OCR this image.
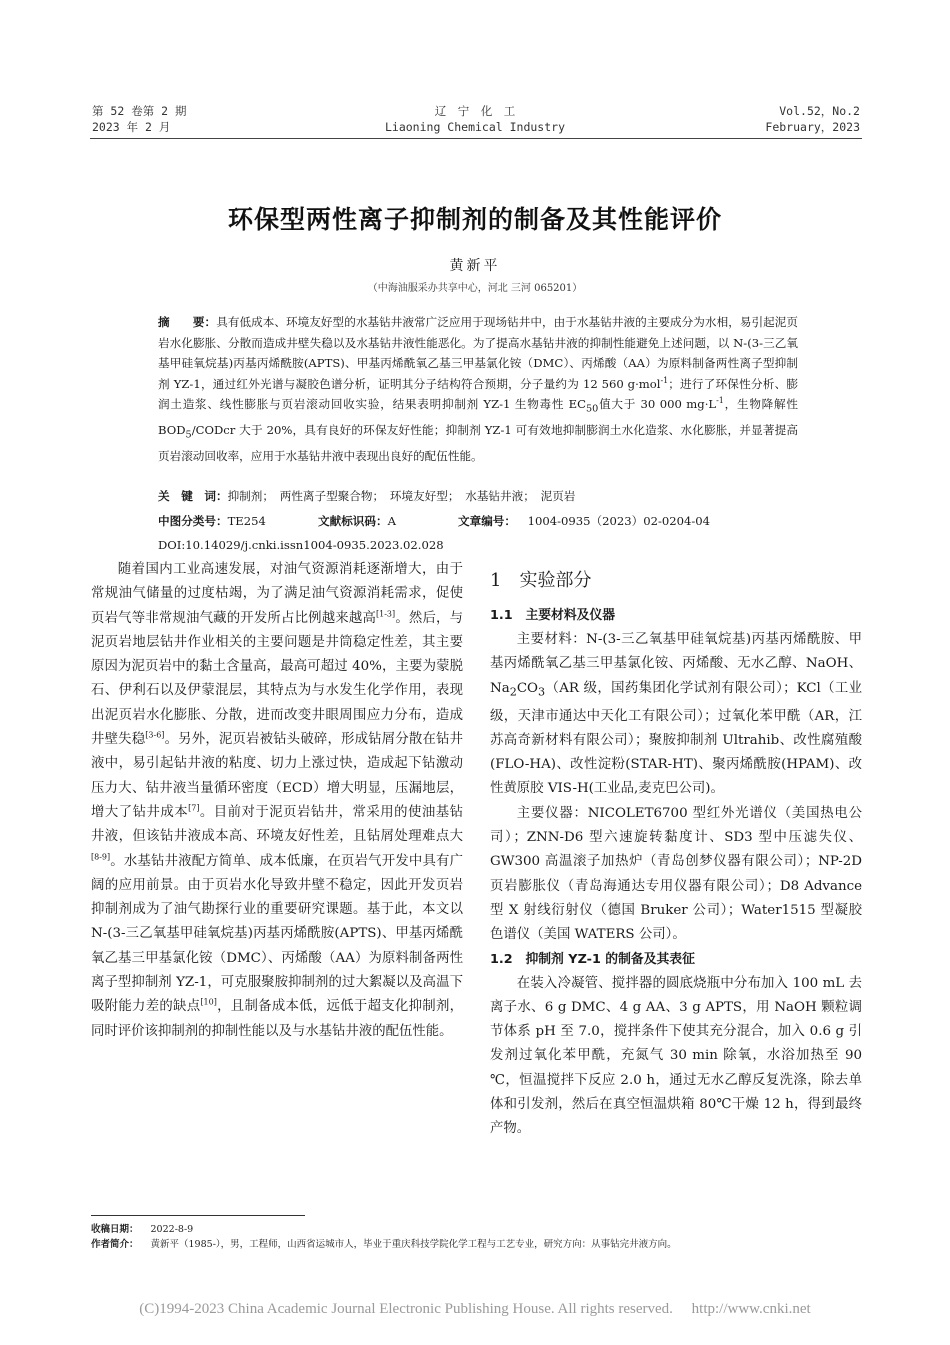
第 52 卷第 2 期
2023 年 2 月
辽　宁　化　工
Liaoning Chemical Industry
Vol.52，No.2
February，2023
环保型两性离子抑制剂的制备及其性能评价
黄新平
（中海油服采办共享中心，河北 三河 065201）
摘　　要：具有低成本、环境友好型的水基钻井液常广泛应用于现场钻井中，由于水基钻井液的主要成分为水相，易引起泥页岩水化膨胀、分散而造成井壁失稳以及水基钻井液性能恶化。为了提高水基钻井液的抑制性能避免上述问题，以 N-(3-三乙氧基甲硅氧烷基)丙基丙烯酰胺(APTS)、甲基丙烯酰氧乙基三甲基氯化铵（DMC）、丙烯酸（AA）为原料制备两性离子型抑制剂 YZ-1，通过红外光谱与凝胶色谱分析，证明其分子结构符合预期，分子量约为 12 560 g·mol$^{-1}$；进行了环保性分析、膨润土造浆、线性膨胀与页岩滚动回收实验，结果表明抑制剂 YZ-1 生物毒性 $EC_{50}$值大于 30 000 $mg\cdot L^{-1}$，生物降解性 $BOD_5$/CODcr 大于 20%，具有良好的环保友好性能；抑制剂 YZ-1 可有效地抑制膨润土水化造浆、水化膨胀，并显著提高页岩滚动回收率，应用于水基钻井液中表现出良好的配伍性能。
关　键　词：抑制剂；　两性离子型聚合物；　环境友好型；　水基钻井液；　泥页岩
中图分类号：TE254	文献标识码：A	文章编号：　 1004-0935（2023）02-0204-04
DOI:10.14029/j.cnki.issn1004-0935.2023.02.028

随着国内工业高速发展，对油气资源消耗逐渐增大，由于常规油气储量的过度枯竭，为了满足油气资源消耗需求，促使页岩气等非常规油气藏的开发所占比例越来越高[1-3]。然后，与泥页岩地层钻井作业相关的主要问题是井筒稳定性差，其主要原因为泥页岩中的黏土含量高，最高可超过 40%，主要为蒙脱石、伊利石以及伊蒙混层，其特点为与水发生化学作用，表现出泥页岩水化膨胀、分散，进而改变井眼周围应力分布，造成井壁失稳[3-6]。另外，泥页岩被钻头破碎，形成钻屑分散在钻井液中，易引起钻井液的粘度、切力上涨过快，造成起下钻激动压力大、钻井液当量循环密度（ECD）增大明显，压漏地层，增大了钻井成本[7]。目前对于泥页岩钻井，常采用的使油基钻井液，但该钻井液成本高、环境友好性差，且钻屑处理难点大[8-9]。水基钻井液配方简单、成本低廉，在页岩气开发中具有广阔的应用前景。由于页岩水化导致井壁不稳定，因此开发页岩抑制剂成为了油气勘探行业的重要研究课题。基于此，本文以 N-(3-三乙氧基甲硅氧烷基)丙基丙烯酰胺(APTS)、甲基丙烯酰氧乙基三甲基氯化铵（DMC）、丙烯酸（AA）为原料制备两性离子型抑制剂 YZ-1，可克服聚胺抑制剂的过大絮凝以及高温下吸附能力差的缺点[10]，且制备成本低，远低于超支化抑制剂，同时评价该抑制剂的抑制性能以及与水基钻井液的配伍性能。

1　实验部分
1.1　主要材料及仪器

主要材料：N-(3-三乙氧基甲硅氧烷基)丙基丙烯酰胺、甲基丙烯酰氧乙基三甲基氯化铵、丙烯酸、无水乙醇、NaOH、$Na_2CO_3(AR$ 级，国药集团化学试剂有限公司）；KCl（工业级，天津市通达中天化工有限公司）；过氧化苯甲酰（AR，江苏高奇新材料有限公司）；聚胺抑制剂 Ultrahib、改性腐殖酸(FLO-HA)、改性淀粉(STAR-HT)、聚丙烯酰胺(HPAM)、改性黄原胶 VIS-H(工业品,麦克巴公司)。

主要仪器：NICOLET6700 型红外光谱仪（美国热电公司）；ZNN-D6 型六速旋转黏度计、SD3 型中压滤失仪、GW300 高温滚子加热炉（青岛创梦仪器有限公司）；NP-2D 页岩膨胀仪（青岛海通达专用仪器有限公司）；D8 Advance 型 X 射线衍射仪（德国 Bruker 公司）；Water1515 型凝胶色谱仪（美国 WATERS 公司）。

1.2　抑制剂 YZ-1 的制备及其表征

在装入冷凝管、搅拌器的圆底烧瓶中分布加入 100 mL 去离子水、6 g DMC、4 g AA、3 g APTS，用 NaOH 颗粒调节体系 pH 至 7.0，搅拌条件下使其充分混合，加入 0.6 g 引发剂过氧化苯甲酰，充氮气 30 min 除氧，水浴加热至 90 ℃，恒温搅拌下反应 2.0 h，通过无水乙醇反复洗涤，除去单体和引发剂，然后在真空恒温烘箱 80℃干燥 12 h，得到最终产物。

收稿日期： 2022-8-9
作者简介： 黄新平（1985-），男，工程师，山西省运城市人，毕业于重庆科技学院化学工程与工艺专业，研究方向：从事钻完井液方向。
(C)1994-2023 China Academic Journal Electronic Publishing House. All rights reserved.　 http://www.cnki.net
